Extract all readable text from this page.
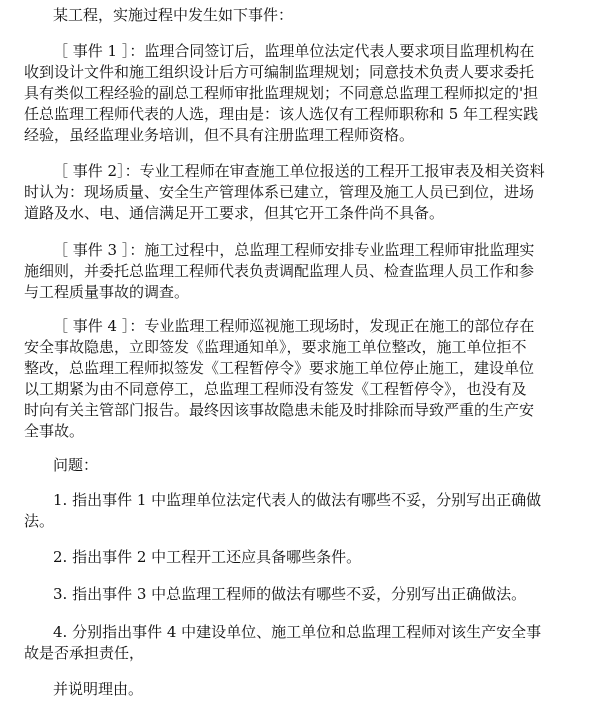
某工程，实施过程中发生如下事件：
［ 事件 1 ］：监理合同签订后，监理单位法定代表人要求项目监理机构在
收到设计文件和施工组织设计后方可编制监理规划；同意技术负责人要求委托
具有类似工程经验的副总工程师审批监理规划；不同意总监理工程师拟定的'担
任总监理工程师代表的人选，理由是：该人选仅有工程师职称和 5 年工程实践
经验，虽经监理业务培训，但不具有注册监理工程师资格。
［ 事件 2］：专业工程师在审查施工单位报送的工程开工报审表及相关资料
时认为：现场质量、安全生产管理体系已建立，管理及施工人员已到位，进场
道路及水、电、通信满足开工要求，但其它开工条件尚不具备。
［ 事件 3 ］：施工过程中，总监理工程师安排专业监理工程师审批监理实
施细则，并委托总监理工程师代表负责调配监理人员、检查监理人员工作和参
与工程质量事故的调查。
［ 事件 4 ］：专业监理工程师巡视施工现场时，发现正在施工的部位存在
安全事故隐患，立即签发《监理通知单》，要求施工单位整改，施工单位拒不
整改，总监理工程师拟签发《工程暂停令》要求施工单位停止施工，建设单位
以工期紧为由不同意停工，总监理工程师没有签发《工程暂停令》，也没有及
时向有关主管部门报告。最终因该事故隐患未能及时排除而导致严重的生产安
全事故。
问题：
1. 指出事件 1 中监理单位法定代表人的做法有哪些不妥，分别写出正确做
法。
2. 指出事件 2 中工程开工还应具备哪些条件。
3. 指出事件 3 中总监理工程师的做法有哪些不妥，分别写出正确做法。
4. 分别指出事件 4 中建设单位、施工单位和总监理工程师对该生产安全事
故是否承担责任，
并说明理由。
